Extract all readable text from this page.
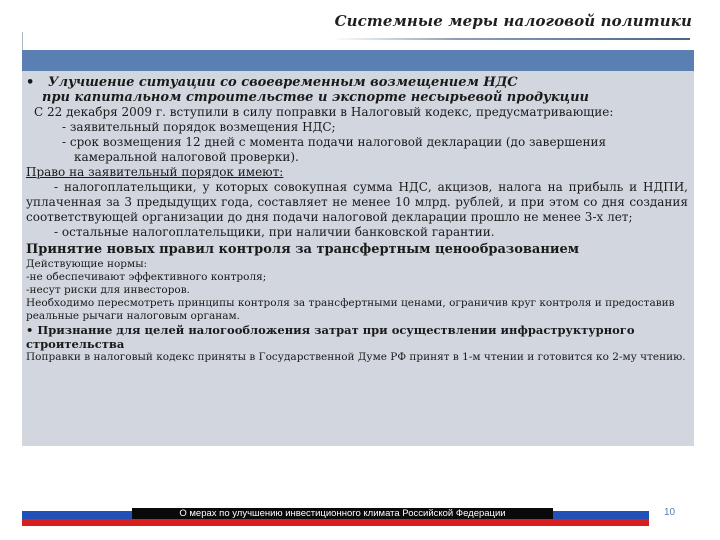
Системные меры налоговой политики
• Улучшение ситуации со своевременным возмещением НДС
при капитальном строительстве и экспорте несырьевой продукции
С 22 декабря 2009 г. вступили в силу поправки в Налоговый кодекс, предусматривающие:
- заявительный порядок возмещения НДС;
- срок возмещения 12 дней с момента подачи налоговой декларации (до завершения
камеральной налоговой проверки).
Право на заявительный порядок имеют:
- налогоплательщики, у которых совокупная сумма НДС, акцизов, налога на прибыль и НДПИ, уплаченная за 3 предыдущих года, составляет не менее 10 млрд. рублей, и при этом со дня создания соответствующей организации до дня подачи налоговой декларации прошло не менее 3-х лет;
- остальные налогоплательщики, при наличии банковской гарантии.
Принятие новых правил контроля за трансфертным ценообразованием
Действующие нормы:
-не обеспечивают эффективного контроля;
-несут риски для инвесторов.
Необходимо пересмотреть принципы контроля за трансфертными ценами, ограничив круг контроля и предоставив реальные рычаги налоговым органам.
• Признание для целей налогообложения затрат при осуществлении инфраструктурного строительства
Поправки в налоговый кодекс приняты в Государственной Думе РФ принят в 1-м чтении и готовится ко 2-му чтению.
О мерах по улучшению инвестиционного климата Российской Федерации	10
